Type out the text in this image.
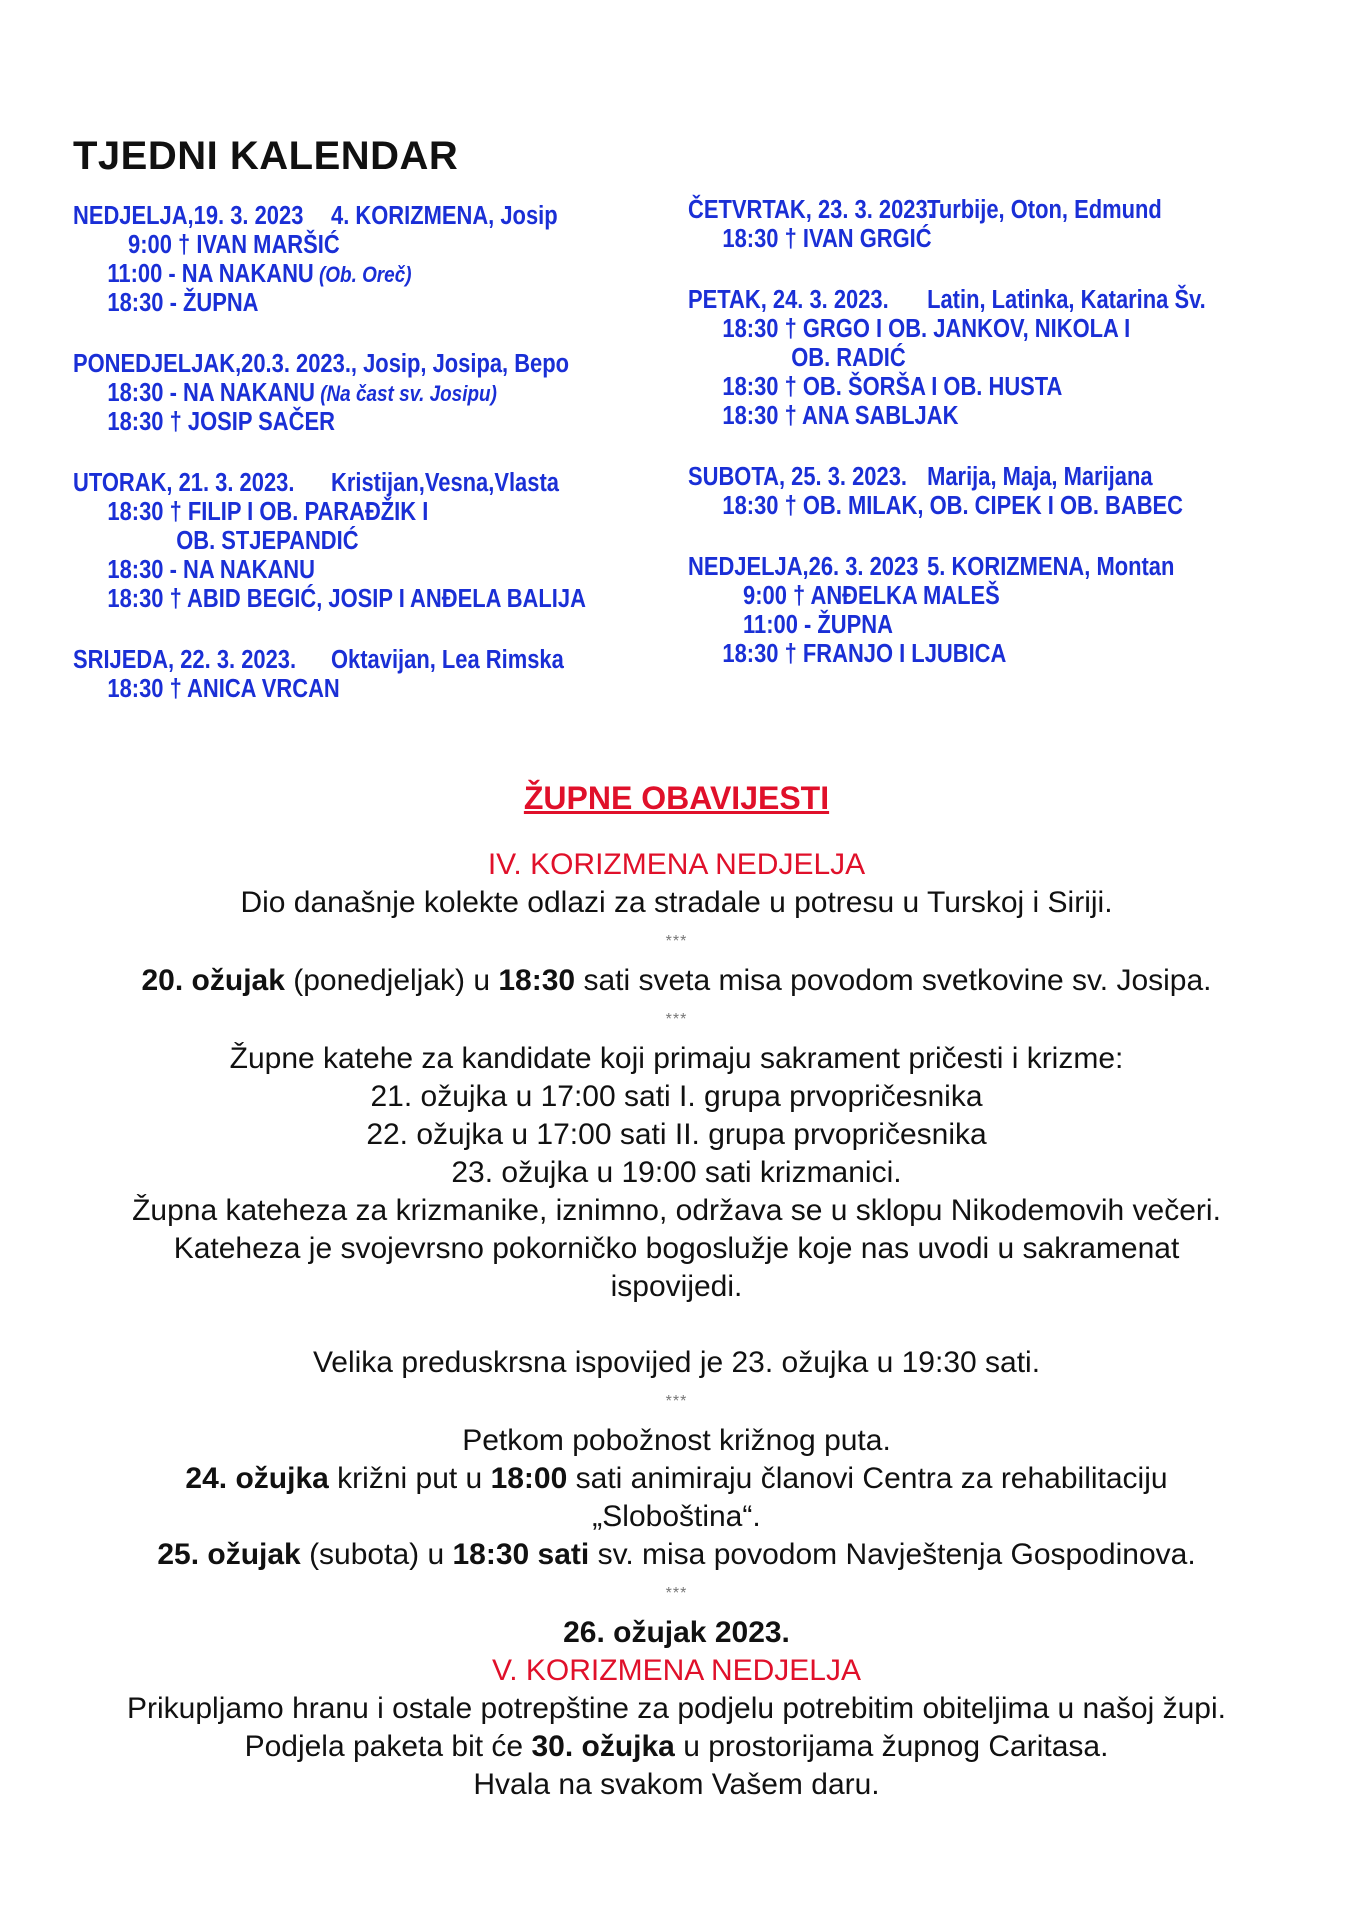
TJEDNI KALENDAR
NEDJELJA,19. 3. 2023 4. KORIZMENA, Josip
9:00 † IVAN MARŠIĆ
11:00 - NA NAKANU (Ob. Oreč)
18:30 - ŽUPNA
PONEDJELJAK,20.3. 2023., Josip, Josipa, Bepo
18:30 - NA NAKANU (Na čast sv. Josipu)
18:30 † JOSIP SAČER
UTORAK, 21. 3. 2023. Kristijan,Vesna,Vlasta
18:30 † FILIP I OB. PARAĐŽIK I
OB. STJEPANDIĆ
18:30 - NA NAKANU
18:30 † ABID BEGIĆ, JOSIP I ANĐELA BALIJA
SRIJEDA, 22. 3. 2023. Oktavijan, Lea Rimska
18:30 † ANICA VRCAN
ČETVRTAK, 23. 3. 2023.
Turbije, Oton, Edmund
18:30 † IVAN GRGIĆ
PETAK, 24. 3. 2023. Latin, Latinka, Katarina Šv.
18:30 † GRGO I OB. JANKOV, NIKOLA I
OB. RADIĆ
18:30 † OB. ŠORŠA I OB. HUSTA
18:30 † ANA SABLJAK
SUBOTA, 25. 3. 2023. Marija, Maja, Marijana
18:30 † OB. MILAK, OB. CIPEK I OB. BABEC
NEDJELJA,26. 3. 2023 5. KORIZMENA, Montan
9:00 † ANĐELKA MALEŠ
11:00 - ŽUPNA
18:30 † FRANJO I LJUBICA
ŽUPNE OBAVIJESTI
IV. KORIZMENA NEDJELJA
Dio današnje kolekte odlazi za stradale u potresu u Turskoj i Siriji.
***
20. ožujak (ponedjeljak) u 18:30 sati sveta misa povodom svetkovine sv. Josipa.
***
Župne katehe za kandidate koji primaju sakrament pričesti i krizme:
21. ožujka u 17:00 sati I. grupa prvopričesnika
22. ožujka u 17:00 sati II. grupa prvopričesnika
23. ožujka u 19:00 sati krizmanici.
Župna kateheza za krizmanike, iznimno, održava se u sklopu Nikodemovih večeri.
Kateheza je svojevrsno pokorničko bogoslužje koje nas uvodi u sakramenat
ispovijedi.
Velika preduskrsna ispovijed je 23. ožujka u 19:30 sati.
***
Petkom pobožnost križnog puta.
24. ožujka križni put u 18:00 sati animiraju članovi Centra za rehabilitaciju
„Sloboština“.
25. ožujak (subota) u 18:30 sati sv. misa povodom Navještenja Gospodinova.
***
26. ožujak 2023.
V. KORIZMENA NEDJELJA
Prikupljamo hranu i ostale potrepštine za podjelu potrebitim obiteljima u našoj župi.
Podjela paketa bit će 30. ožujka u prostorijama župnog Caritasa.
Hvala na svakom Vašem daru.
